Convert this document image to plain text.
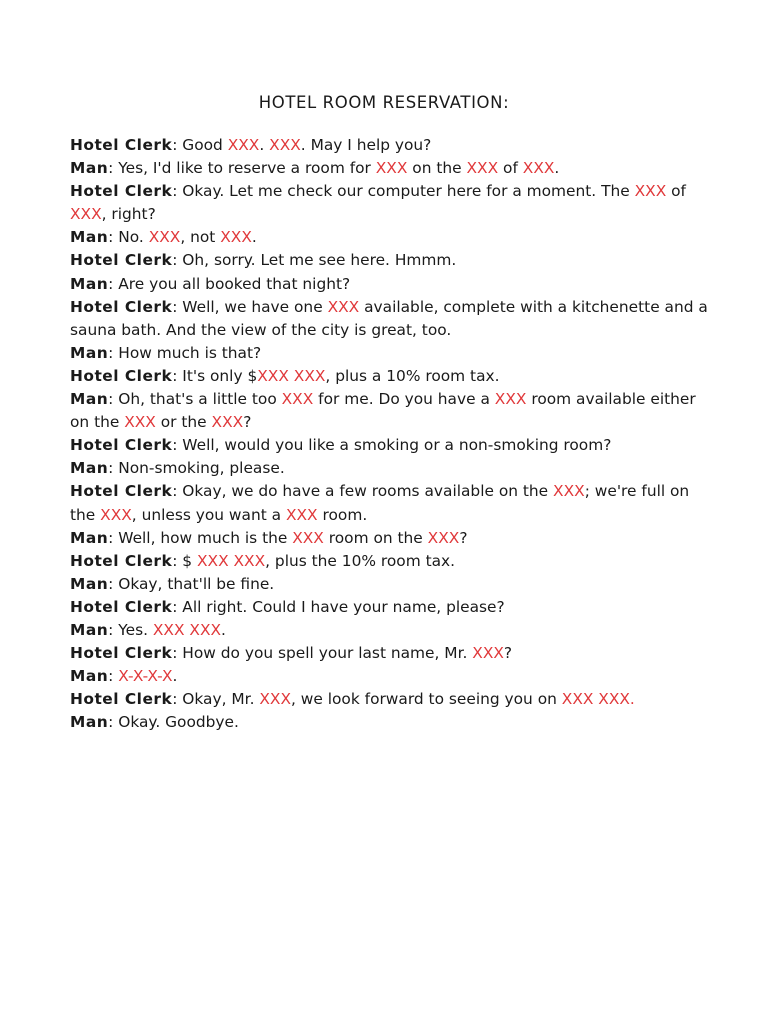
HOTEL ROOM RESERVATION:

Hotel Clerk: Good XXX. XXX. May I help you?

Man: Yes, I'd like to reserve a room for XXX on the XXX of XXX.

Hotel Clerk: Okay. Let me check our computer here for a moment. The XXX of XXX, right?

Man: No. XXX, not XXX.

Hotel Clerk: Oh, sorry. Let me see here. Hmmm.

Man: Are you all booked that night?

Hotel Clerk: Well, we have one XXX available, complete with a kitchenette and a sauna bath. And the view of the city is great, too.

Man: How much is that?

Hotel Clerk: It's only $XXX XXX, plus a 10% room tax.

Man: Oh, that's a little too XXX for me. Do you have a XXX room available either on the XXX or the XXX?

Hotel Clerk: Well, would you like a smoking or a non-smoking room?

Man: Non-smoking, please.

Hotel Clerk: Okay, we do have a few rooms available on the XXX; we're full on the XXX, unless you want a XXX room.

Man: Well, how much is the XXX room on the XXX?

Hotel Clerk: $ XXX XXX, plus the 10% room tax.

Man: Okay, that'll be fine.

Hotel Clerk: All right. Could I have your name, please?

Man: Yes. XXX XXX.

Hotel Clerk: How do you spell your last name, Mr. XXX?

Man: X-X-X-X.

Hotel Clerk: Okay, Mr. XXX, we look forward to seeing you on XXX XXX.

Man: Okay. Goodbye.
